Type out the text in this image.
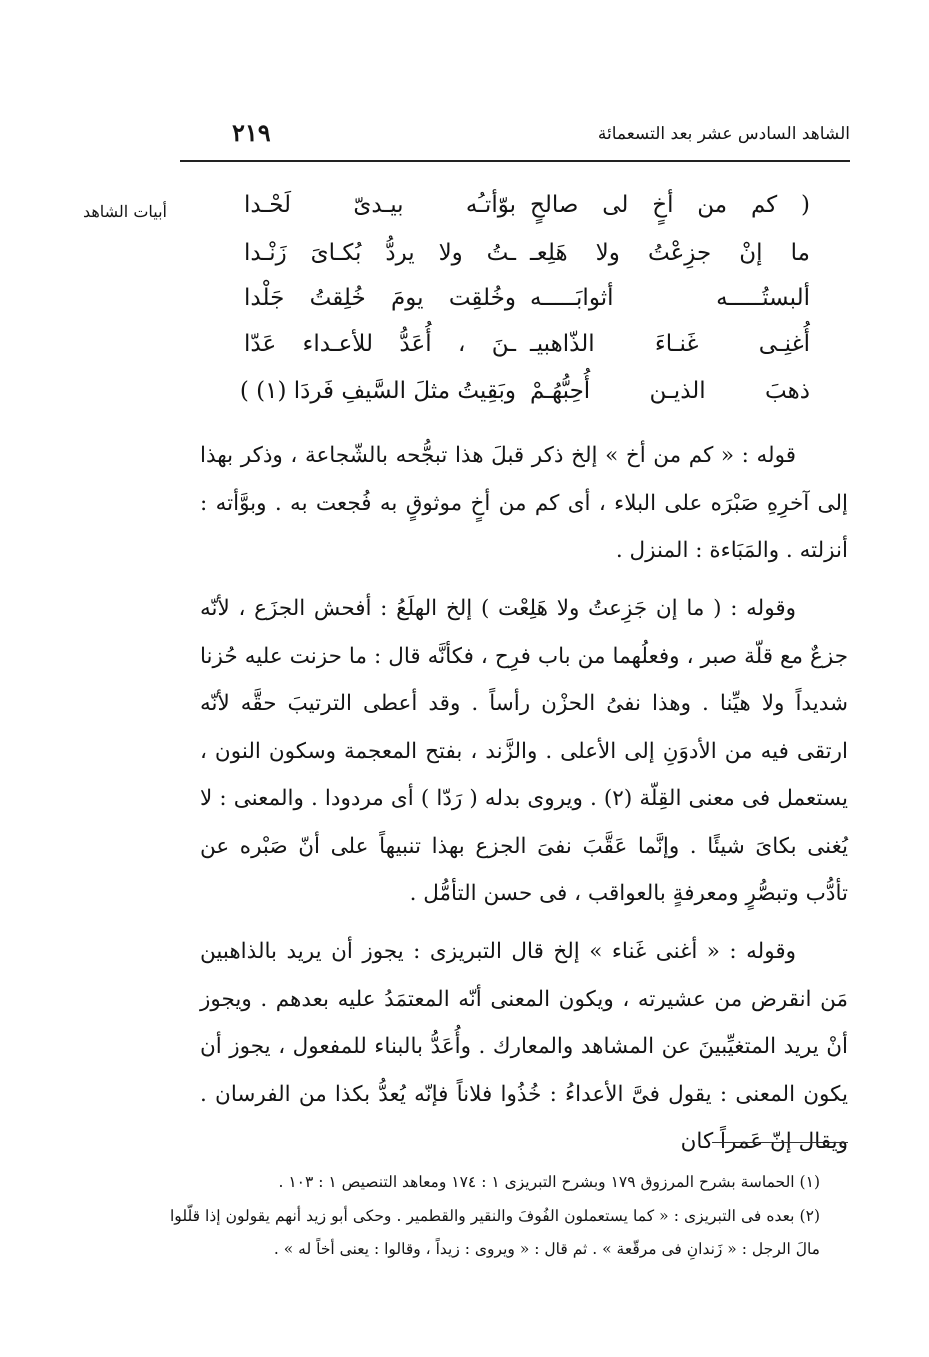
الشاهد السادس عشر بعد التسعمائة
٢١٩
أبيات الشاهد	( كم من أخٍ لى صالحٍ
بوّأتـُه بيـدىّ لَحْـدا
ما إنْ جزِعْتُ ولا هَلِعـ
ـتُ ولا يردُّ بُكـاىَ زَنْـدا
ألبستُـــــه أثوابَـــــه
وخُلقِت يومَ خُلِقتُ جَلْدا
أُغنِـى غَنـاءَ الذّاهبيـ
ـنَ ، أُعَدُّ للأعـداء عَدّا
ذهبَ الذيـن أُحِبُّهُـمْ
وبَقِيتُ مثلَ السَّيفِ فَردَا (١) )

قوله : « كم من أخ » إلخ ذكر قبلَ هذا تبجُّحه بالشّجاعة ، وذكر بهذا إلى آخرِهِ صَبْرَه على البلاء ، أى كم من أخٍ موثوقٍ به فُجعت به . وبوَّأته : أنزلته . والمَبَاءة : المنزل .

وقوله : ( ما إن جَزِعتُ ولا هَلِعْت ) إلخ الهلَعُ : أفحش الجزَع ، لأنّه جزعٌ مع قلّة صبر ، وفعلُهما من باب فرِح ، فكأنَّه قال : ما حزنت عليه حُزنا شديداً ولا هيِّنا . وهذا نفىُ الحزْن رأساً . وقد أعطى الترتيبَ حقَّه لأنّه ارتقى فيه من الأدوَنِ إلى الأعلى . والزَّند ، بفتح المعجمة وسكون النون ، يستعمل فى معنى القِلّة (٢) . ويروى بدله ( رَدّا ) أى مردودا . والمعنى : لا يُغنى بكاىَ شيئًا . وإنَّما عَقَّبَ نفىَ الجزع بهذا تنبيهاً على أنّ صَبْره عن تأدُّب وتبصُّرٍ ومعرفةٍ بالعواقب ، فى حسن التأمُّل .

وقوله : « أغنى غَناء » إلخ قال التبريزى : يجوز أن يريد بالذاهبين مَن انقرض من عشيرته ، ويكون المعنى أنّه المعتمَدُ عليه بعدهم . ويجوز أنْ يريد المتغيِّبينَ عن المشاهد والمعارك . وأُعَدُّ بالبناء للمفعول ، يجوز أن يكون المعنى : يقول فىَّ الأعداءُ : خُذُوا فلاناً فإنّه يُعدُّ بكذا من الفرسان . ويقال إنّ عَمراً كان

(١) الحماسة بشرح المرزوق ١٧٩ وبشرح التبريزى ١ : ١٧٤ ومعاهد التنصيص ١ : ١٠٣ .

(٢) بعده فى التبريزى : « كما يستعملون الفُوفَ والنقير والقطمير . وحكى أبو زيد أنهم يقولون إذا قلّلوا مالَ الرجل : « زَندانِ فى مرقّعة » . ثم قال : « ويروى : زيداً ، وقالوا : يعنى أخاً له » .
